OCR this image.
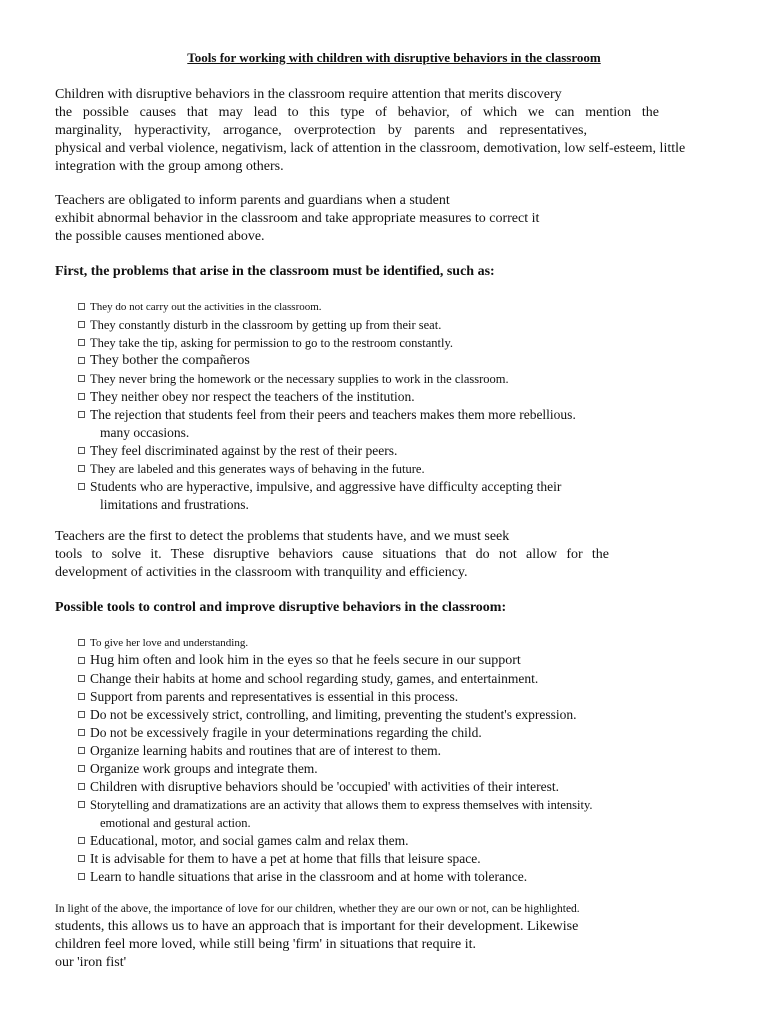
Tools for working with children with disruptive behaviors in the classroom
Children with disruptive behaviors in the classroom require attention that merits discovery
the possible causes that may lead to this type of behavior, of which we can mention the
marginality, hyperactivity, arrogance, overprotection by parents and representatives,
physical and verbal violence, negativism, lack of attention in the classroom, demotivation, low self-esteem, little
integration with the group among others.
Teachers are obligated to inform parents and guardians when a student
exhibit abnormal behavior in the classroom and take appropriate measures to correct it
the possible causes mentioned above.
First, the problems that arise in the classroom must be identified, such as:
They do not carry out the activities in the classroom.
They constantly disturb in the classroom by getting up from their seat.
They take the tip, asking for permission to go to the restroom constantly.
They bother the compañeros
They never bring the homework or the necessary supplies to work in the classroom.
They neither obey nor respect the teachers of the institution.
The rejection that students feel from their peers and teachers makes them more rebellious.
many occasions.
They feel discriminated against by the rest of their peers.
They are labeled and this generates ways of behaving in the future.
Students who are hyperactive, impulsive, and aggressive have difficulty accepting their
limitations and frustrations.
Teachers are the first to detect the problems that students have, and we must seek
tools to solve it. These disruptive behaviors cause situations that do not allow for the
development of activities in the classroom with tranquility and efficiency.
Possible tools to control and improve disruptive behaviors in the classroom:
To give her love and understanding.
Hug him often and look him in the eyes so that he feels secure in our support
Change their habits at home and school regarding study, games, and entertainment.
Support from parents and representatives is essential in this process.
Do not be excessively strict, controlling, and limiting, preventing the student's expression.
Do not be excessively fragile in your determinations regarding the child.
Organize learning habits and routines that are of interest to them.
Organize work groups and integrate them.
Children with disruptive behaviors should be 'occupied' with activities of their interest.
Storytelling and dramatizations are an activity that allows them to express themselves with intensity.
emotional and gestural action.
Educational, motor, and social games calm and relax them.
It is advisable for them to have a pet at home that fills that leisure space.
Learn to handle situations that arise in the classroom and at home with tolerance.
In light of the above, the importance of love for our children, whether they are our own or not, can be highlighted.
students, this allows us to have an approach that is important for their development. Likewise
children feel more loved, while still being 'firm' in situations that require it.
our 'iron fist'
